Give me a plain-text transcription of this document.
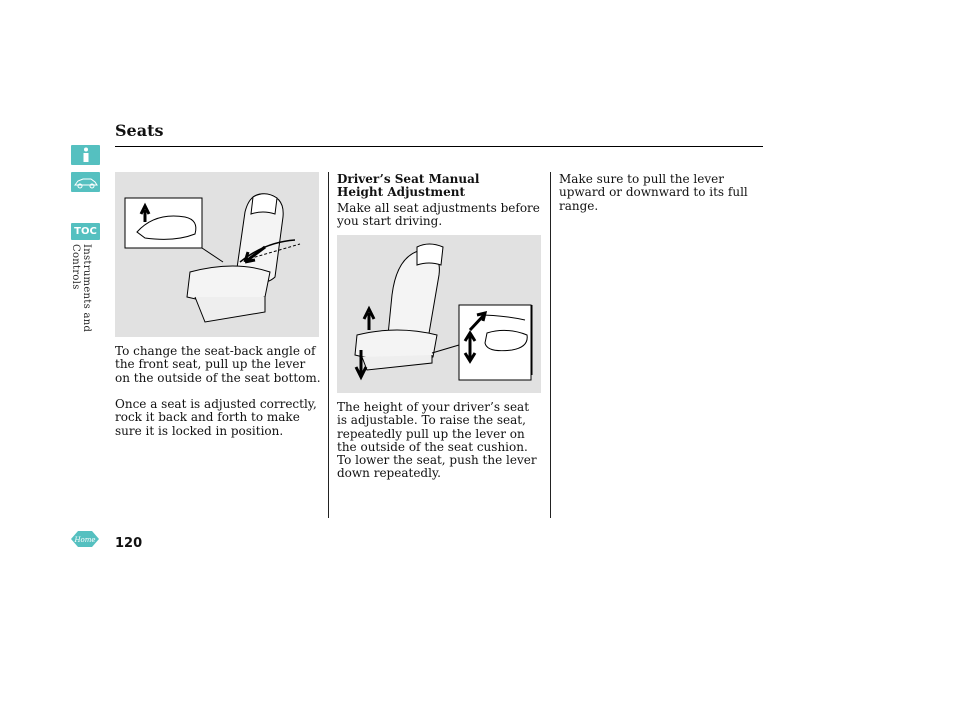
TOC
Instruments and Controls
Seats
To change the seat-back angle of the front seat, pull up the lever on the outside of the seat bottom.
Once a seat is adjusted correctly, rock it back and forth to make sure it is locked in position.
Driver’s Seat Manual
Height Adjustment
Make all seat adjustments before you start driving.
The height of your driver’s seat is adjustable. To raise the seat, repeatedly pull up the lever on the outside of the seat cushion.
To lower the seat, push the lever down repeatedly.
Make sure to pull the lever upward or downward to its full range.
Home 120
